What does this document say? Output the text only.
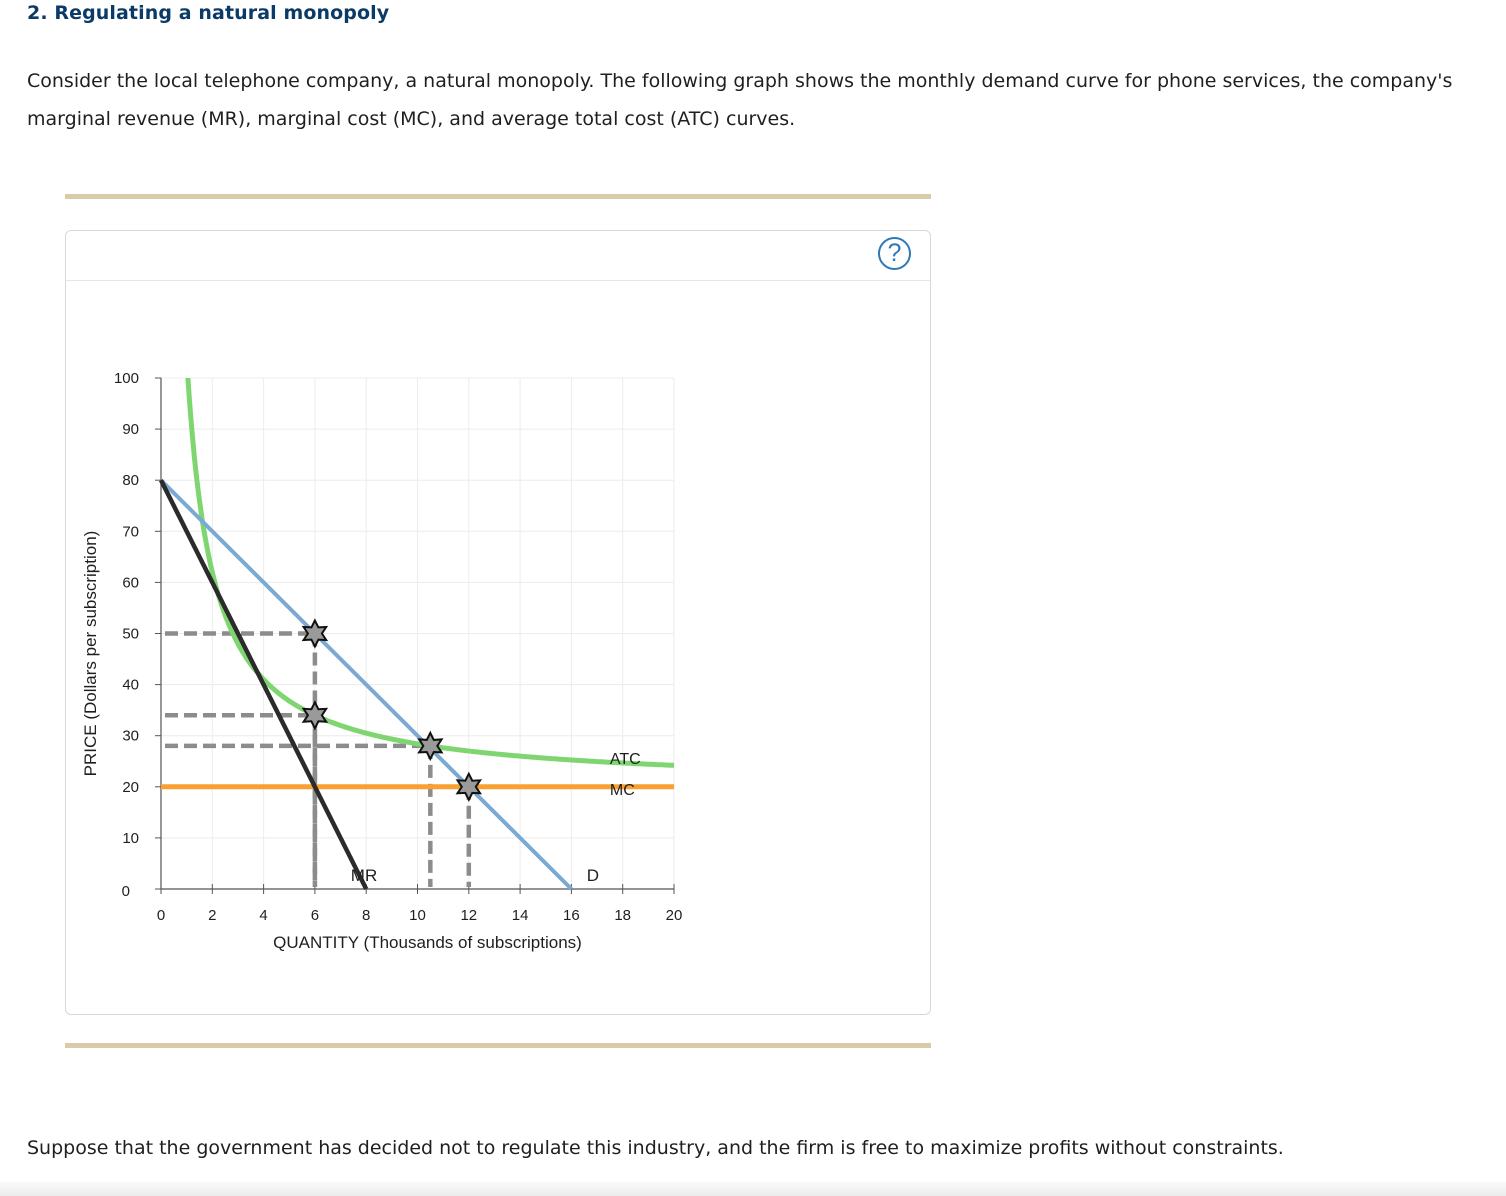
2. Regulating a natural monopoly

Consider the local telephone company, a natural monopoly. The following graph shows the monthly demand curve for phone services, the company's marginal revenue (MR), marginal cost (MC), and average total cost (ATC) curves.

?
0	2	4	6	8	10 12 14 16 18 20
0
10
20
30
40
50
60
70
80
90
100
QUANTITY (Thousands of subscriptions)
PRICE (Dollars per subscription)
MR	D
ATC
MC

Suppose that the government has decided not to regulate this industry, and the firm is free to maximize profits without constraints.
